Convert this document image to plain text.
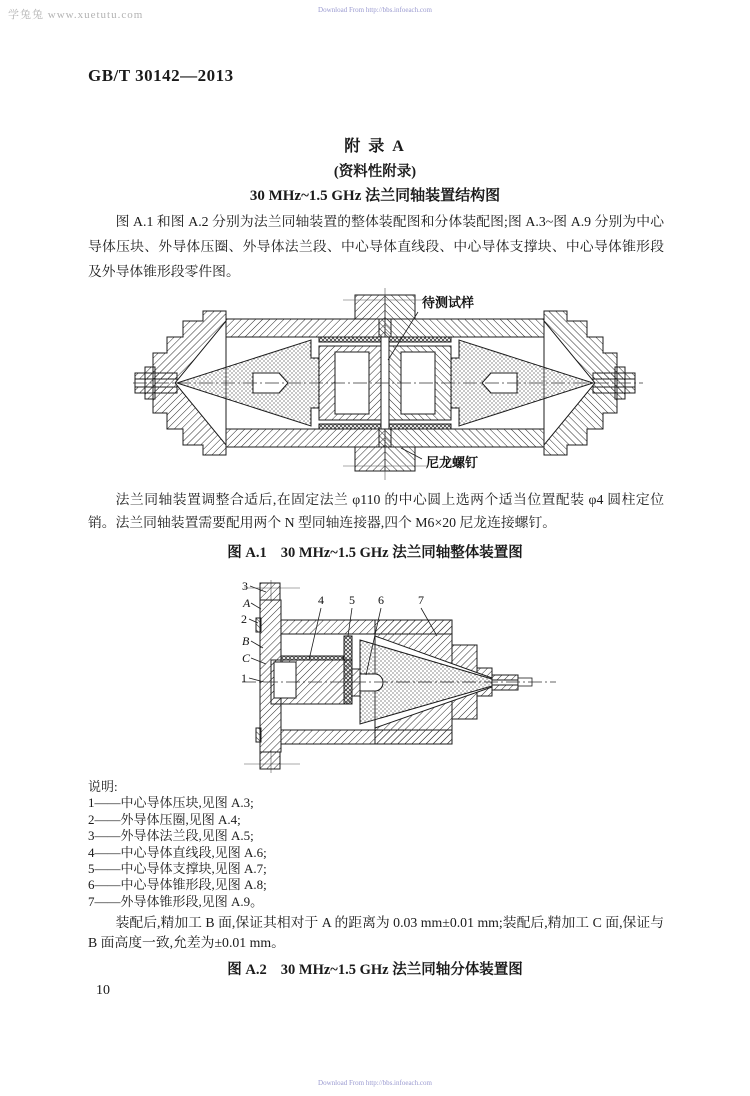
学兔兔 www.xuetutu.com	Download From http://bbs.infoeach.com
GB/T 30142—2013
附 录 A
(资料性附录)
30 MHz~1.5 GHz 法兰同轴装置结构图
图 A.1 和图 A.2 分别为法兰同轴装置的整体装配图和分体装配图;图 A.3~图 A.9 分别为中心导体压块、外导体压圈、外导体法兰段、中心导体直线段、中心导体支撑块、中心导体锥形段及外导体锥形段零件图。
待测试样
尼龙螺钉
法兰同轴装置调整合适后,在固定法兰 φ110 的中心圆上选两个适当位置配装 φ4 圆柱定位销。法兰同轴装置需要配用两个 N 型同轴连接器,四个 M6×20 尼龙连接螺钉。
图 A.1 30 MHz~1.5 GHz 法兰同轴整体装置图
3
A
2
B
C
1
4 5 6	7
说明:
1——中心导体压块,见图 A.3;
2——外导体压圈,见图 A.4;
3——外导体法兰段,见图 A.5;
4——中心导体直线段,见图 A.6;
5——中心导体支撑块,见图 A.7;
6——中心导体锥形段,见图 A.8;
7——外导体锥形段,见图 A.9。
装配后,精加工 B 面,保证其相对于 A 的距离为 0.03 mm±0.01 mm;装配后,精加工 C 面,保证与 B 面高度一致,允差为±0.01 mm。
图 A.2 30 MHz~1.5 GHz 法兰同轴分体装置图
10
Download From http://bbs.infoeach.com
